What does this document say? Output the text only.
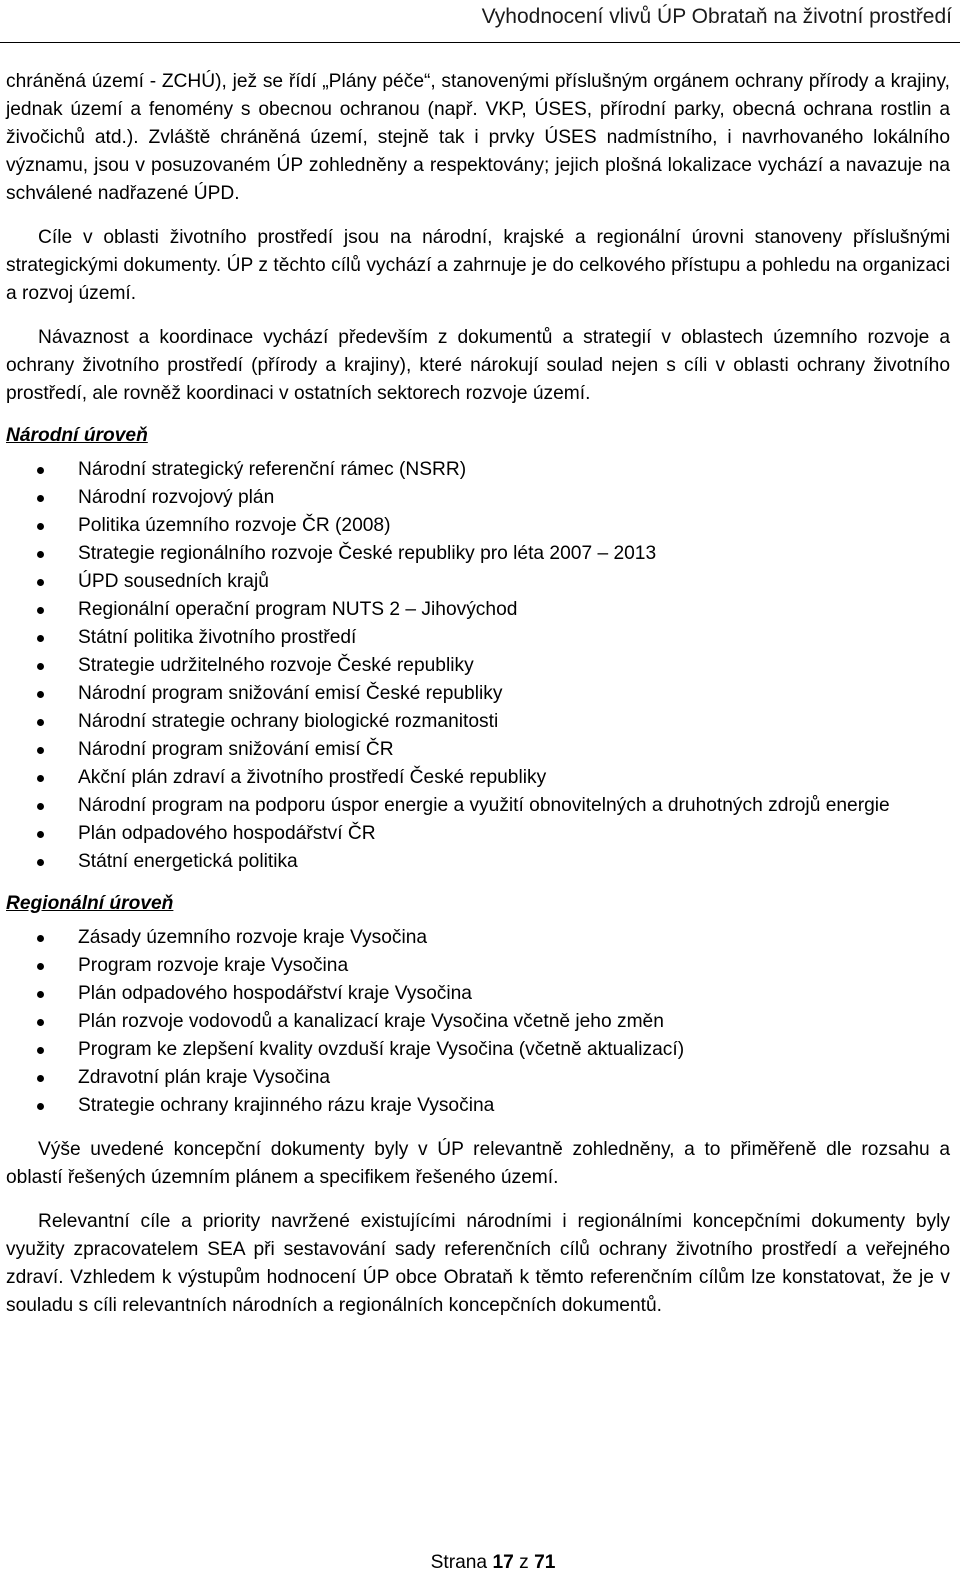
Vyhodnocení vlivů ÚP Obrataň na životní prostředí

chráněná území - ZCHÚ), jež se řídí „Plány péče“, stanovenými příslušným orgánem ochrany přírody a krajiny, jednak území a fenomény s obecnou ochranou (např. VKP, ÚSES, přírodní parky, obecná ochrana rostlin a živočichů atd.). Zvláště chráněná území, stejně tak i prvky ÚSES nadmístního, i navrhovaného lokálního významu, jsou v posuzovaném ÚP zohledněny a respektovány; jejich plošná lokalizace vychází a navazuje na schválené nadřazené ÚPD.

Cíle v oblasti životního prostředí jsou na národní, krajské a regionální úrovni stanoveny příslušnými strategickými dokumenty. ÚP z těchto cílů vychází a zahrnuje je do celkového přístupu a pohledu na organizaci a rozvoj území.

Návaznost a koordinace vychází především z dokumentů a strategií v oblastech územního rozvoje a ochrany životního prostředí (přírody a krajiny), které nárokují soulad nejen s cíli v oblasti ochrany životního prostředí, ale rovněž koordinaci v ostatních sektorech rozvoje území.

Národní úroveň
Národní strategický referenční rámec (NSRR)
Národní rozvojový plán
Politika územního rozvoje ČR (2008)
Strategie regionálního rozvoje České republiky pro léta 2007 – 2013
ÚPD sousedních krajů
Regionální operační program NUTS 2 – Jihovýchod
Státní politika životního prostředí
Strategie udržitelného rozvoje České republiky
Národní program snižování emisí České republiky
Národní strategie ochrany biologické rozmanitosti
Národní program snižování emisí ČR
Akční plán zdraví a životního prostředí České republiky
Národní program na podporu úspor energie a využití obnovitelných a druhotných zdrojů energie
Plán odpadového hospodářství ČR
Státní energetická politika
Regionální úroveň
Zásady územního rozvoje kraje Vysočina
Program rozvoje kraje Vysočina
Plán odpadového hospodářství kraje Vysočina
Plán rozvoje vodovodů a kanalizací kraje Vysočina včetně jeho změn
Program ke zlepšení kvality ovzduší kraje Vysočina (včetně aktualizací)
Zdravotní plán kraje Vysočina
Strategie ochrany krajinného rázu kraje Vysočina

Výše uvedené koncepční dokumenty byly v ÚP relevantně zohledněny, a to přiměřeně dle rozsahu a oblastí řešených územním plánem a specifikem řešeného území.

Relevantní cíle a priority navržené existujícími národními i regionálními koncepčními dokumenty byly využity zpracovatelem SEA při sestavování sady referenčních cílů ochrany životního prostředí a veřejného zdraví. Vzhledem k výstupům hodnocení ÚP obce Obrataň k těmto referenčním cílům lze konstatovat, že je v souladu s cíli relevantních národních a regionálních koncepčních dokumentů.

Strana 17 z 71
